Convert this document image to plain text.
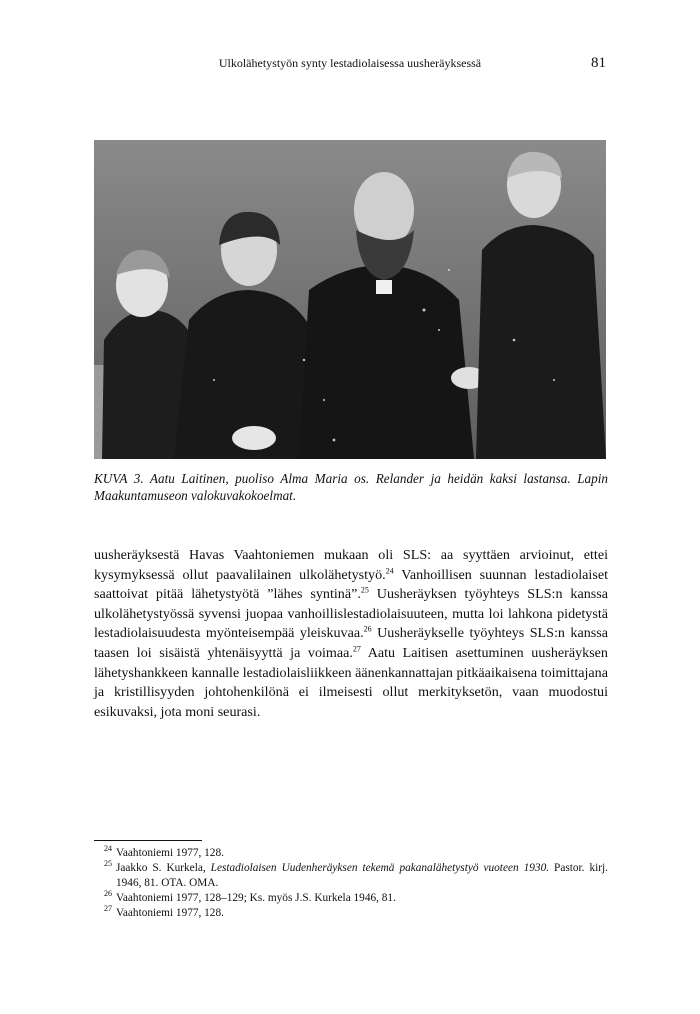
Ulkolähetystyön synty lestadiolaisessa uusheräyksessä	81
KUVA 3. Aatu Laitinen, puoliso Alma Maria os. Relander ja heidän kaksi lastansa. Lapin Maakuntamuseon valokuvakokoelmat.
uusheräyksestä Havas Vaahtoniemen mukaan oli SLS: aa syyttäen arvioinut, ettei kysymyksessä ollut paavalilainen ulkolähetystyö.$^{24}$ Vanhoillisen suunnan lestadiolaiset saattoivat pitää lähetystyötä ”lähes syntinä”.$^{25}$ Uusheräyksen työyhteys SLS:n kanssa ulkolähetystyössä syvensi juopaa vanhoillislestadiolaisuuteen, mutta loi lahkona pidetystä lestadiolaisuudesta myönteisempää yleiskuvaa.$^{26}$ Uusheräykselle työyhteys SLS:n kanssa taasen loi sisäistä yhtenäisyyttä ja voimaa.$^{27}$ Aatu Laitisen asettuminen uusheräyksen lähetyshankkeen kannalle lestadiolaisliikkeen äänenkannattajan pitkäaikaisena toimittajana ja kristillisyyden johtohenkilönä ei ilmeisesti ollut merkityksetön, vaan muodostui esikuvaksi, jota moni seurasi.
$^{24}$ Vaahtoniemi 1977, 128.
$^{25}$ Jaakko S. Kurkela, Lestadiolaisen Uudenheräyksen tekemä pakanalähetystyö vuoteen 1930. Pastor. kirj. 1946, 81. OTA. OMA.
$^{26}$ Vaahtoniemi 1977, 128–129; Ks. myös J.S. Kurkela 1946, 81.
$^{27}$ Vaahtoniemi 1977, 128.
